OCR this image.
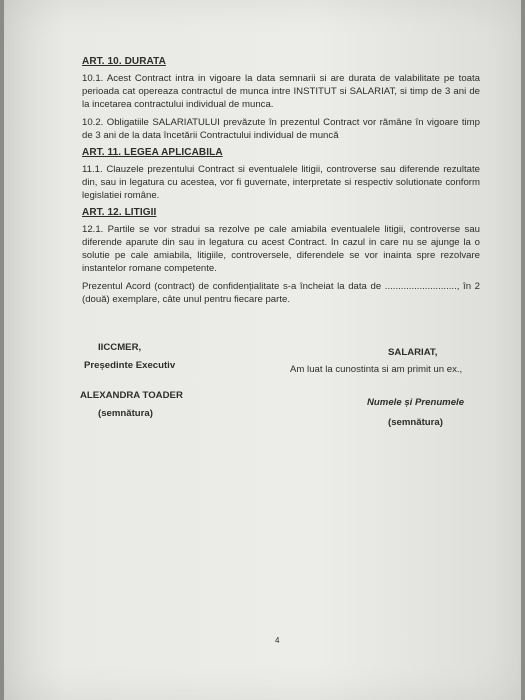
ART. 10. DURATA

10.1. Acest Contract intra in vigoare la data semnarii si are durata de valabilitate pe toata perioada cat opereaza contractul de munca intre INSTITUT si SALARIAT, si timp de 3 ani de la incetarea contractului individual de munca.

10.2. Obligatiile SALARIATULUI prevăzute în prezentul Contract vor rămâne în vigoare timp de 3 ani de la data încetării Contractului individual de muncă

ART. 11. LEGEA APLICABILA

11.1. Clauzele prezentului Contract si eventualele litigii, controverse sau diferende rezultate din, sau in legatura cu acestea, vor fi guvernate, interpretate si respectiv solutionate conform legislatiei române.

ART. 12. LITIGII

12.1. Partile se vor stradui sa rezolve pe cale amiabila eventualele litigii, controverse sau diferende aparute din sau in legatura cu acest Contract. In cazul in care nu se ajunge la o solutie pe cale amiabila, litigiile, controversele, diferendele se vor inainta spre rezolvare instantelor romane competente.

Prezentul Acord (contract) de confidențialitate s-a încheiat la data de ..........................., în 2 (două) exemplare, câte unul pentru fiecare parte.

IICCMER,
Președinte Executiv
ALEXANDRA TOADER
(semnătura)
SALARIAT,
Am luat la cunostinta si am primit un ex.,
Numele și Prenumele
(semnătura)
4
